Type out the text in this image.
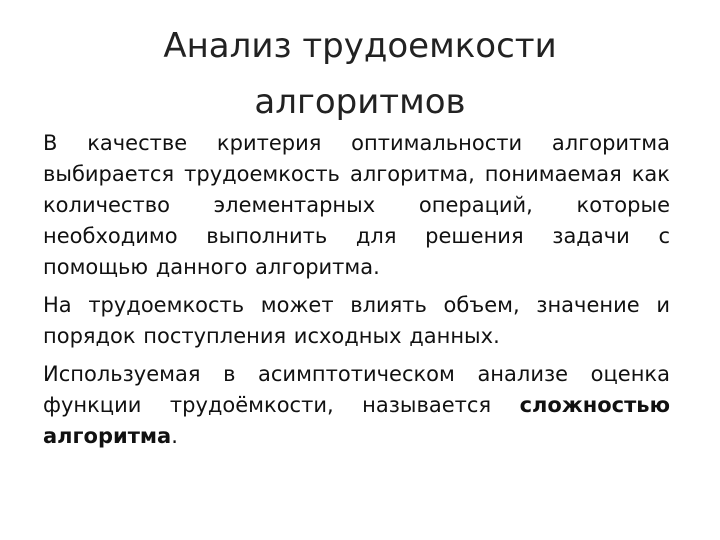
Анализ трудоемкости
алгоритмов

В качестве критерия оптимальности алгоритма выбирается трудоемкость алгоритма, понимаемая как количество элементарных операций, которые необходимо выполнить для решения задачи с помощью данного алгоритма.

На трудоемкость может влиять объем, значение и порядок поступления исходных данных.

Используемая в асимптотическом анализе оценка функции трудоёмкости, называется сложностью алгоритма.
